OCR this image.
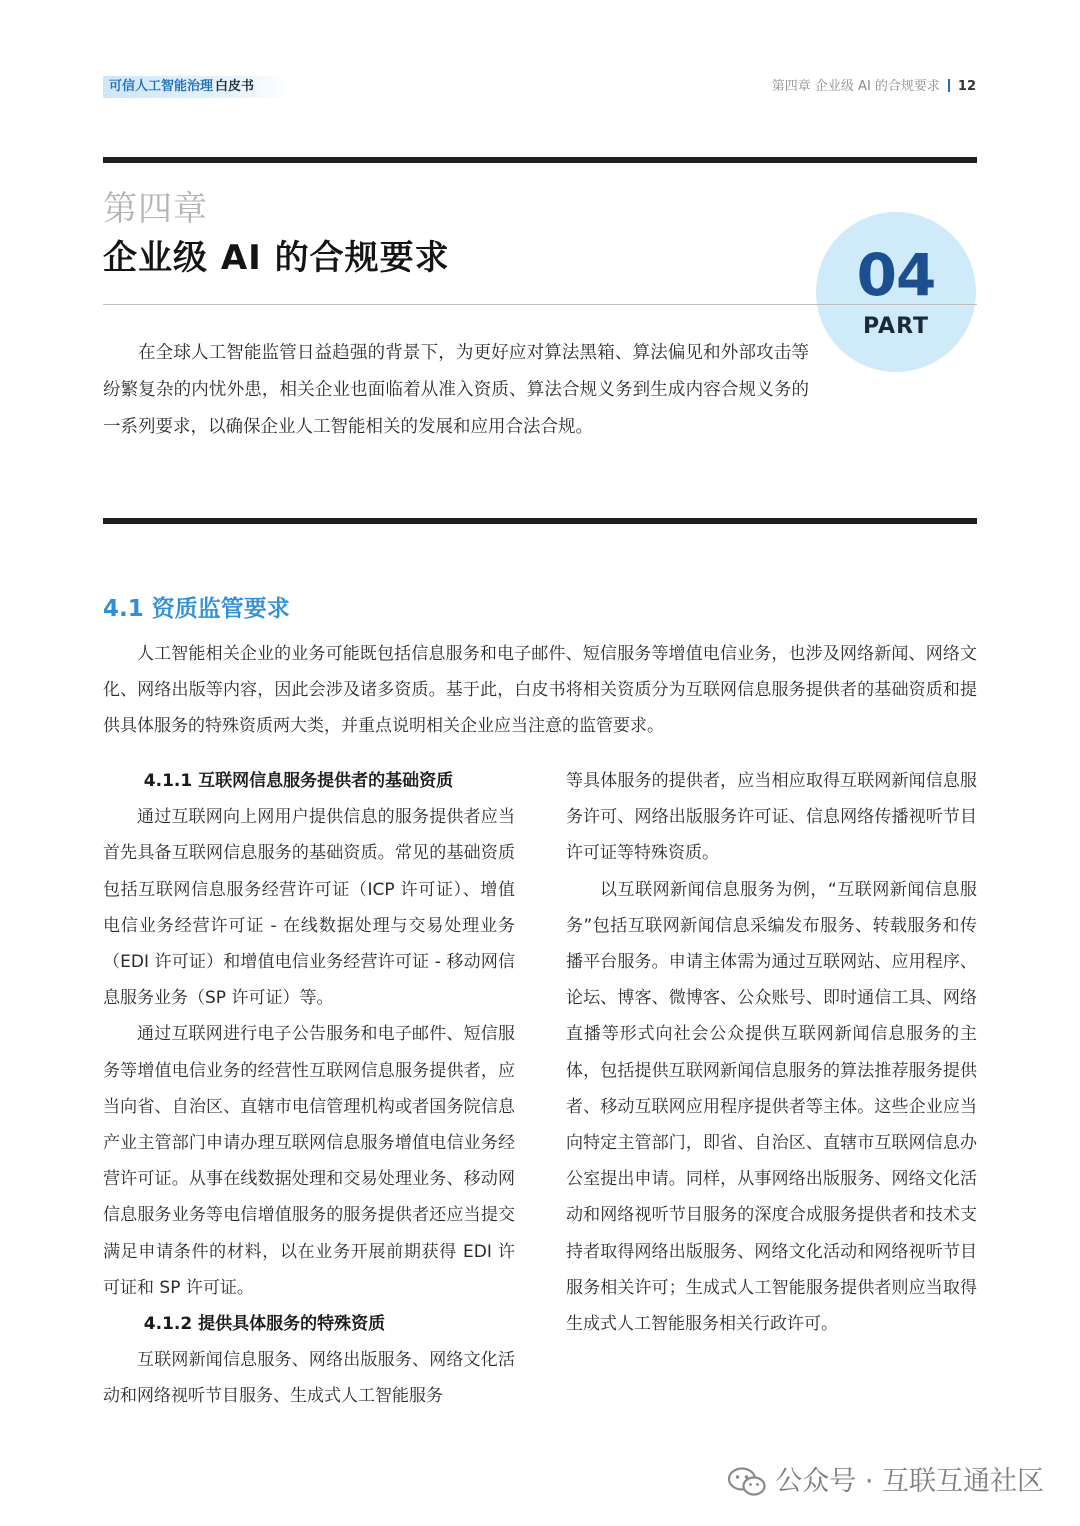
可信人工智能治理 白皮书	第四章 企业级 AI 的合规要求 12
第四章
企业级 AI 的合规要求	04
PART
在全球人工智能监管日益趋强的背景下，为更好应对算法黑箱、算法偏见和外部攻击等纷繁复杂的内忧外患，相关企业也面临着从准入资质、算法合规义务到生成内容合规义务的一系列要求，以确保企业人工智能相关的发展和应用合法合规。
4.1 资质监管要求
人工智能相关企业的业务可能既包括信息服务和电子邮件、短信服务等增值电信业务，也涉及网络新闻、网络文化、网络出版等内容，因此会涉及诸多资质。基于此，白皮书将相关资质分为互联网信息服务提供者的基础资质和提供具体服务的特殊资质两大类，并重点说明相关企业应当注意的监管要求。

4.1.1 互联网信息服务提供者的基础资质

通过互联网向上网用户提供信息的服务提供者应当首先具备互联网信息服务的基础资质。常见的基础资质包括互联网信息服务经营许可证（ICP 许可证）、增值电信业务经营许可证 - 在线数据处理与交易处理业务（EDI 许可证）和增值电信业务经营许可证 - 移动网信息服务业务（SP 许可证）等。

通过互联网进行电子公告服务和电子邮件、短信服务等增值电信业务的经营性互联网信息服务提供者，应当向省、自治区、直辖市电信管理机构或者国务院信息产业主管部门申请办理互联网信息服务增值电信业务经营许可证。从事在线数据处理和交易处理业务、移动网信息服务业务等电信增值服务的服务提供者还应当提交满足申请条件的材料，以在业务开展前期获得 EDI 许可证和 SP 许可证。

4.1.2 提供具体服务的特殊资质

互联网新闻信息服务、网络出版服务、网络文化活动和网络视听节目服务、生成式人工智能服务

等具体服务的提供者，应当相应取得互联网新闻信息服务许可、网络出版服务许可证、信息网络传播视听节目许可证等特殊资质。

以互联网新闻信息服务为例，“互联网新闻信息服务”包括互联网新闻信息采编发布服务、转载服务和传播平台服务。申请主体需为通过互联网站、应用程序、论坛、博客、微博客、公众账号、即时通信工具、网络直播等形式向社会公众提供互联网新闻信息服务的主体，包括提供互联网新闻信息服务的算法推荐服务提供者、移动互联网应用程序提供者等主体。这些企业应当向特定主管部门，即省、自治区、直辖市互联网信息办公室提出申请。同样，从事网络出版服务、网络文化活动和网络视听节目服务的深度合成服务提供者和技术支持者取得网络出版服务、网络文化活动和网络视听节目服务相关许可；生成式人工智能服务提供者则应当取得生成式人工智能服务相关行政许可。

公众号 · 互联互通社区
